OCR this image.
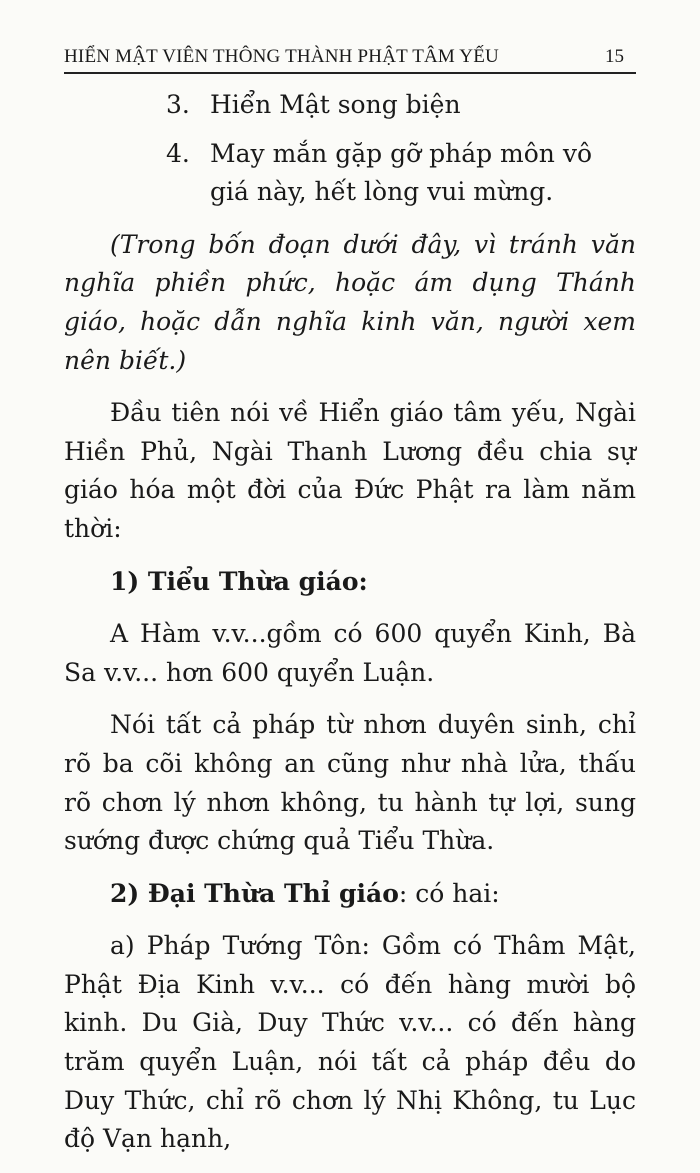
HIỂN MẬT VIÊN THÔNG THÀNH PHẬT TÂM YẾU	15
3. Hiển Mật song biện
4. May mắn gặp gỡ pháp môn vô giá này, hết lòng vui mừng.

(Trong bốn đoạn dưới đây, vì tránh văn nghĩa phiền phức, hoặc ám dụng Thánh giáo, hoặc dẫn nghĩa kinh văn, người xem nên biết.)

Đầu tiên nói về Hiển giáo tâm yếu, Ngài Hiền Phủ, Ngài Thanh Lương đều chia sự giáo hóa một đời của Đức Phật ra làm năm thời:

1) Tiểu Thừa giáo:

A Hàm v.v...gồm có 600 quyển Kinh, Bà Sa v.v... hơn 600 quyển Luận.

Nói tất cả pháp từ nhơn duyên sinh, chỉ rõ ba cõi không an cũng như nhà lửa, thấu rõ chơn lý nhơn không, tu hành tự lợi, sung sướng được chứng quả Tiểu Thừa.

2) Đại Thừa Thỉ giáo: có hai:

a) Pháp Tướng Tôn: Gồm có Thâm Mật, Phật Địa Kinh v.v... có đến hàng mười bộ kinh. Du Già, Duy Thức v.v... có đến hàng trăm quyển Luận, nói tất cả pháp đều do Duy Thức, chỉ rõ chơn lý Nhị Không, tu Lục độ Vạn hạnh,
